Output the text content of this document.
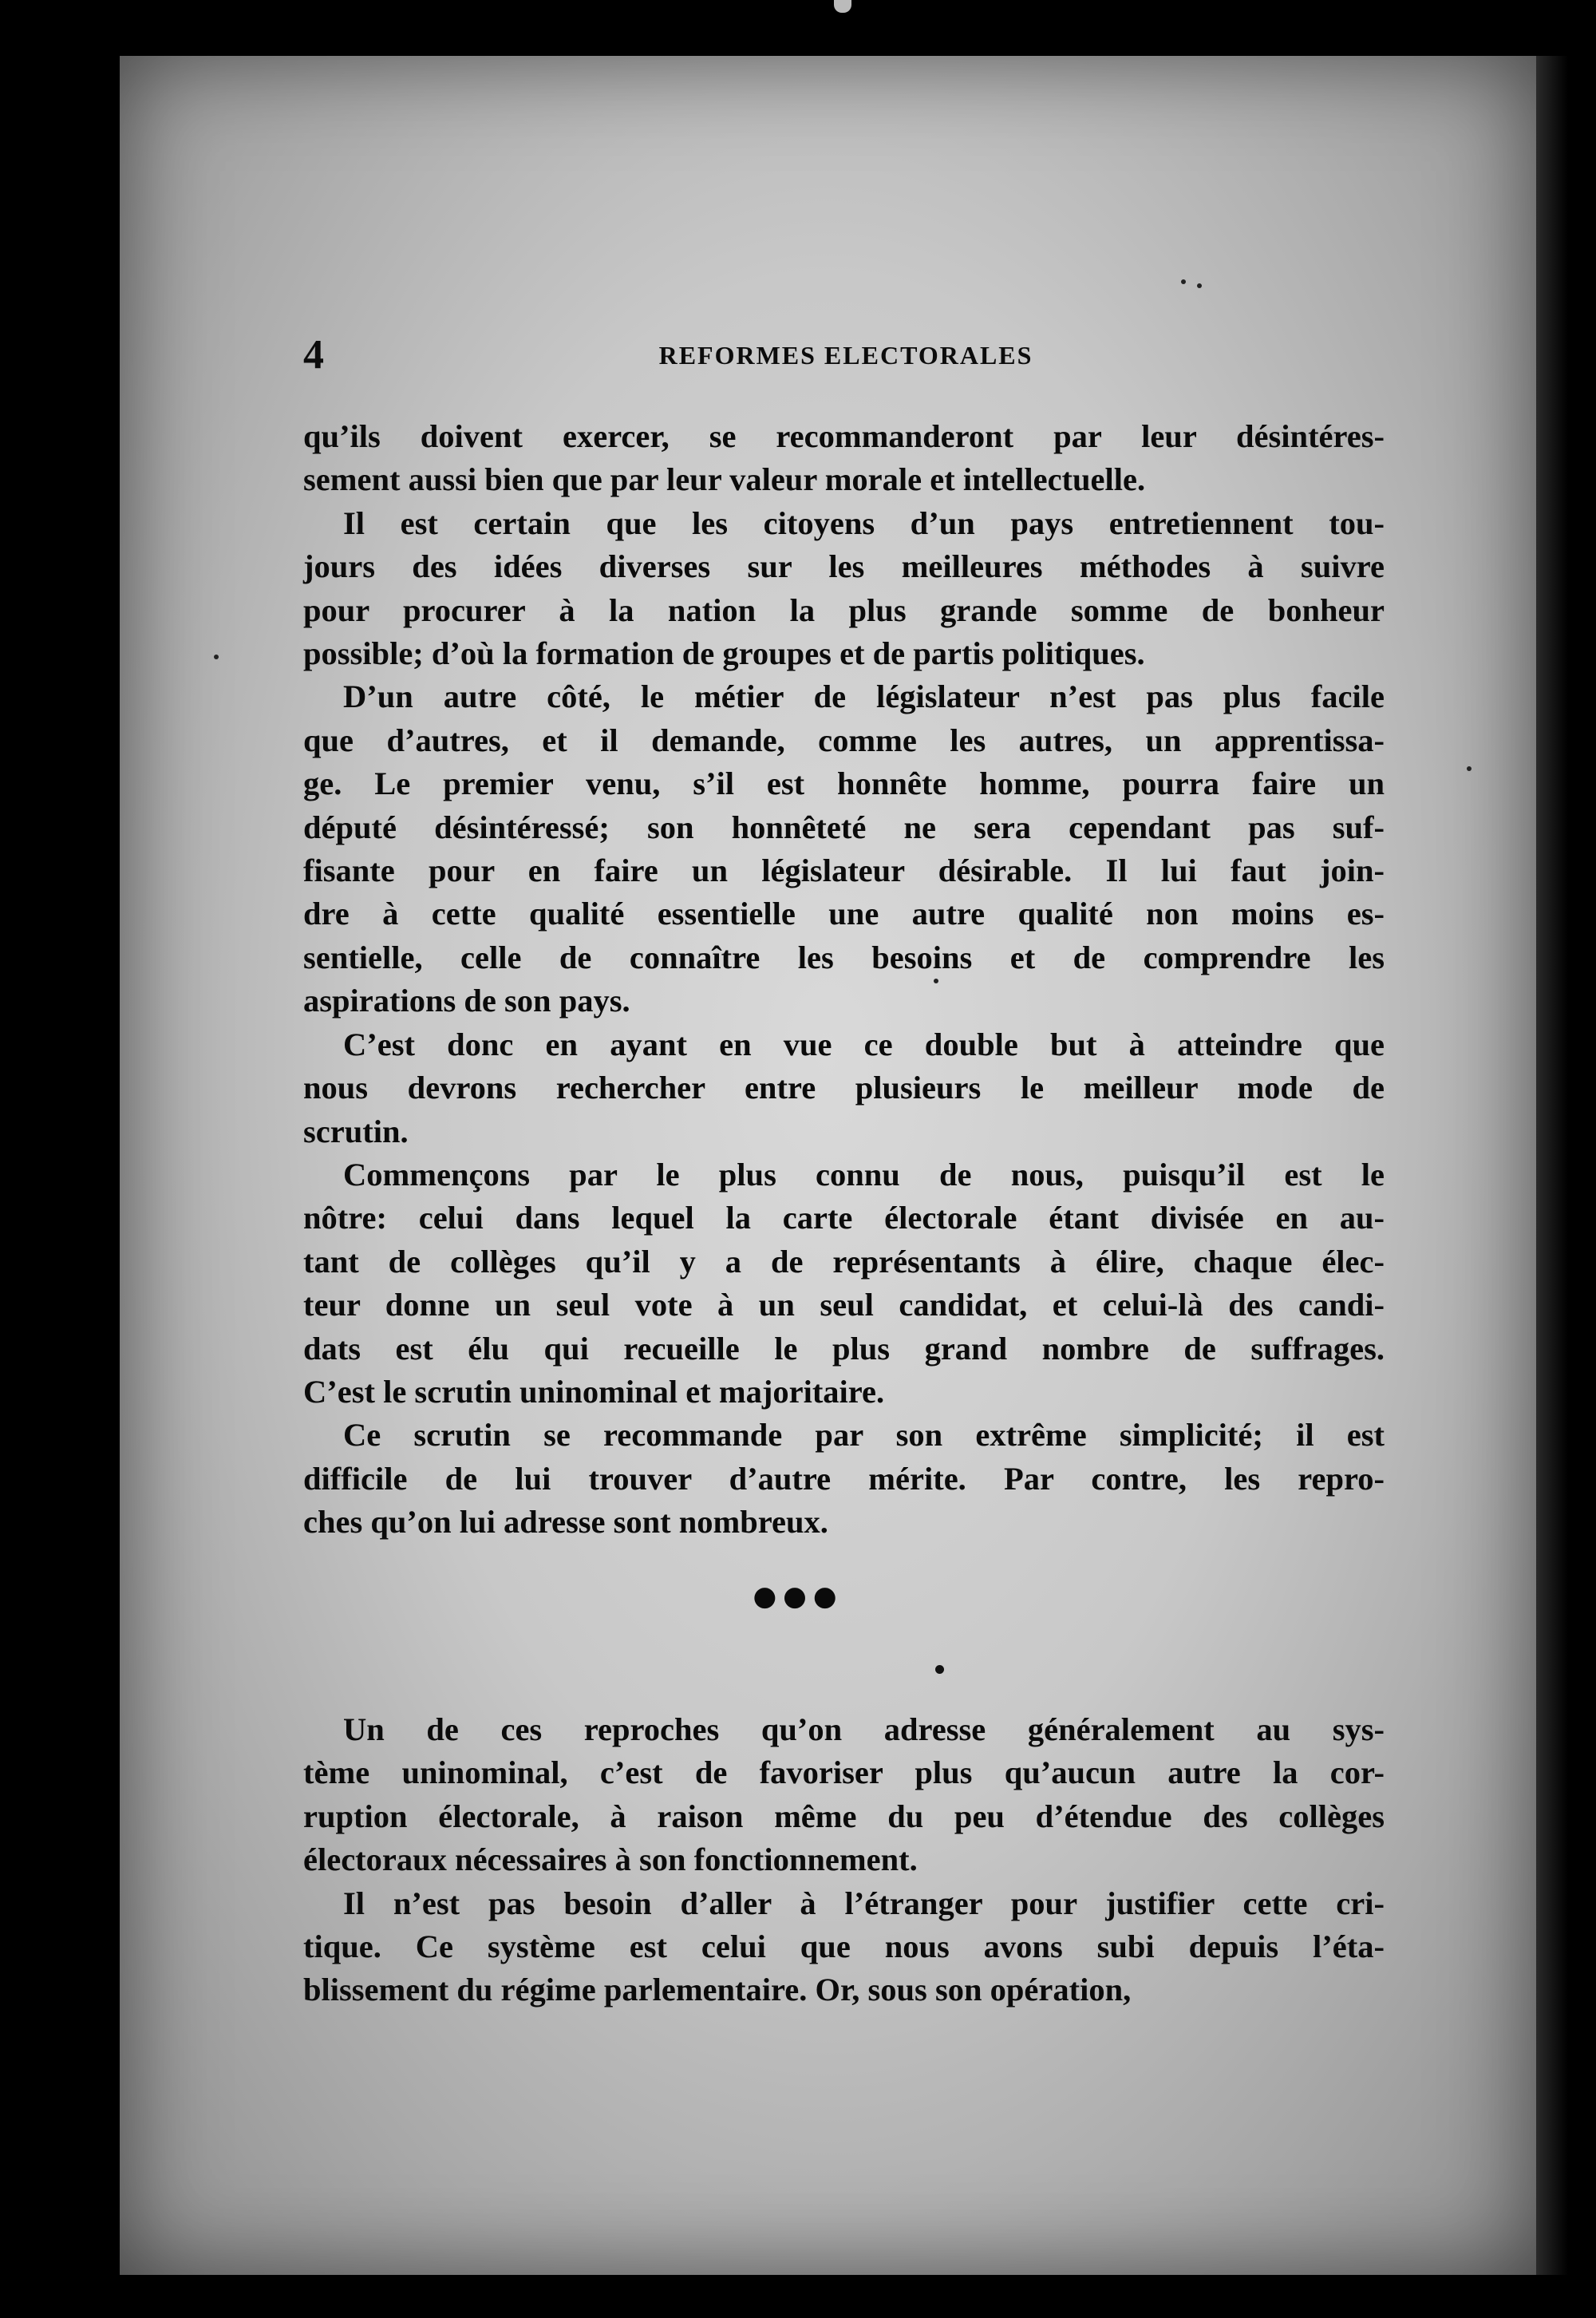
4	REFORMES ELECTORALES
qu’ils doivent exercer, se recommanderont par leur désintéres-
sement aussi bien que par leur valeur morale et intellectuelle.
Il est certain que les citoyens d’un pays entretiennent tou-
jours des idées diverses sur les meilleures méthodes à suivre
pour procurer à la nation la plus grande somme de bonheur
possible; d’où la formation de groupes et de partis politiques.
D’un autre côté, le métier de législateur n’est pas plus facile
que d’autres, et il demande, comme les autres, un apprentissa-
ge. Le premier venu, s’il est honnête homme, pourra faire un
député désintéressé; son honnêteté ne sera cependant pas suf-
fisante pour en faire un législateur désirable. Il lui faut join-
dre à cette qualité essentielle une autre qualité non moins es-
sentielle, celle de connaître les besoins et de comprendre les
aspirations de son pays.
C’est donc en ayant en vue ce double but à atteindre que
nous devrons rechercher entre plusieurs le meilleur mode de
scrutin.
Commençons par le plus connu de nous, puisqu’il est le
nôtre: celui dans lequel la carte électorale étant divisée en au-
tant de collèges qu’il y a de représentants à élire, chaque élec-
teur donne un seul vote à un seul candidat, et celui-là des candi-
dats est élu qui recueille le plus grand nombre de suffrages.
C’est le scrutin uninominal et majoritaire.
Ce scrutin se recommande par son extrême simplicité; il est
difficile de lui trouver d’autre mérite. Par contre, les repro-
ches qu’on lui adresse sont nombreux.
●●●
Un de ces reproches qu’on adresse généralement au sys-
tème uninominal, c’est de favoriser plus qu’aucun autre la cor-
ruption électorale, à raison même du peu d’étendue des collèges
électoraux nécessaires à son fonctionnement.
Il n’est pas besoin d’aller à l’étranger pour justifier cette cri-
tique. Ce système est celui que nous avons subi depuis l’éta-
blissement du régime parlementaire. Or, sous son opération,
